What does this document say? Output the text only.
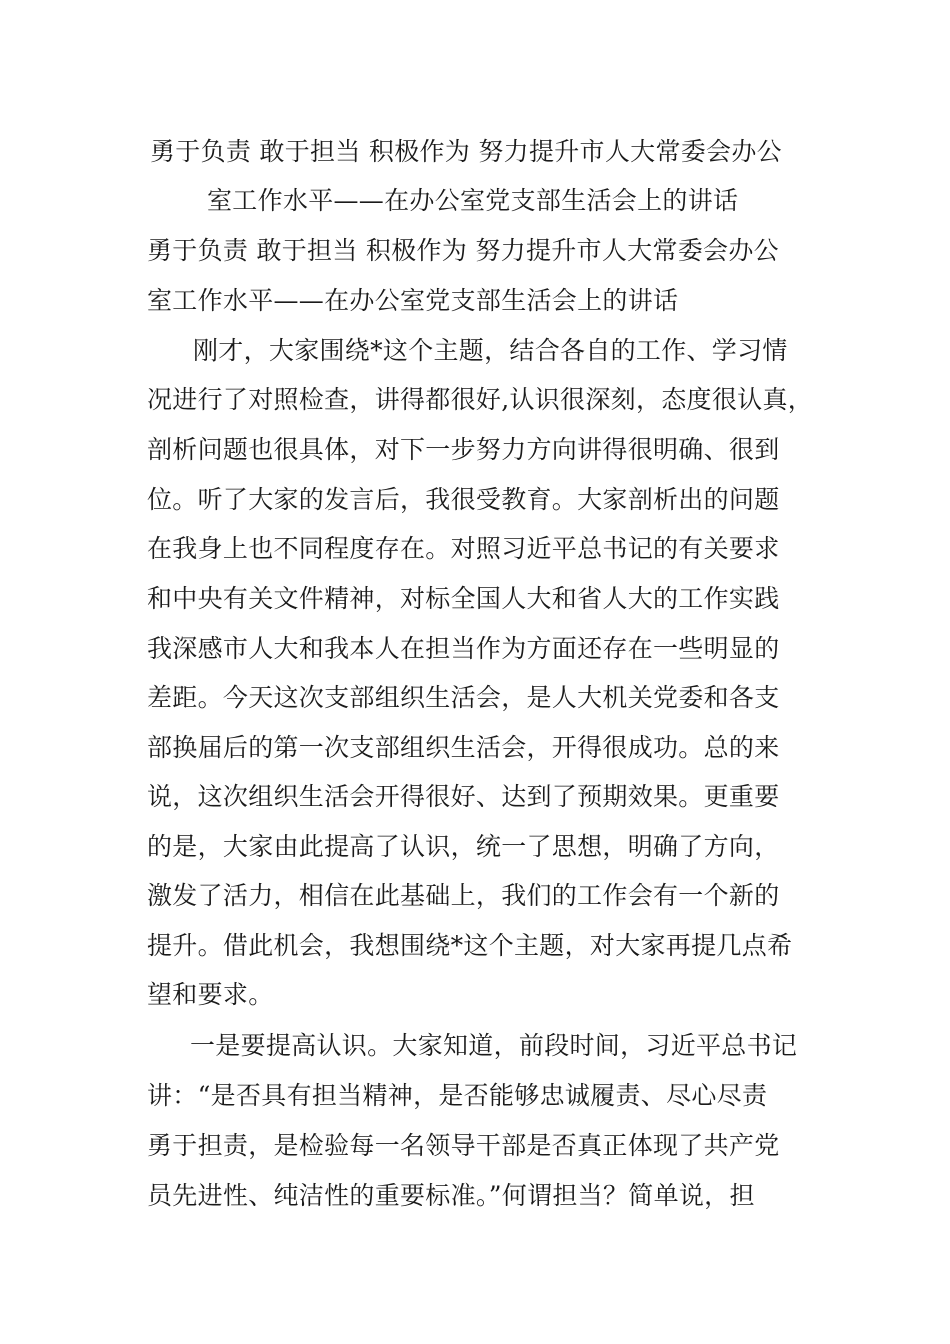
勇于负责 敢于担当 积极作为 努力提升市人大常委会办公
室工作水平——在办公室党支部生活会上的讲话
勇于负责 敢于担当 积极作为 努力提升市人大常委会办公
室工作水平——在办公室党支部生活会上的讲话
刚才，大家围绕*这个主题，结合各自的工作、学习情
况进行了对照检查，讲得都很好,认识很深刻，态度很认真，
剖析问题也很具体，对下一步努力方向讲得很明确、很到
位。听了大家的发言后，我很受教育。大家剖析出的问题
在我身上也不同程度存在。对照习近平总书记的有关要求
和中央有关文件精神，对标全国人大和省人大的工作实践
我深感市人大和我本人在担当作为方面还存在一些明显的
差距。今天这次支部组织生活会，是人大机关党委和各支
部换届后的第一次支部组织生活会，开得很成功。总的来
说，这次组织生活会开得很好、达到了预期效果。更重要
的是，大家由此提高了认识，统一了思想，明确了方向，
激发了活力，相信在此基础上，我们的工作会有一个新的
提升。借此机会，我想围绕*这个主题，对大家再提几点希
望和要求。
一是要提高认识。大家知道，前段时间，习近平总书记
讲：“是否具有担当精神，是否能够忠诚履责、尽心尽责
勇于担责，是检验每一名领导干部是否真正体现了共产党
员先进性、纯洁性的重要标准。”何谓担当？简单说，担
